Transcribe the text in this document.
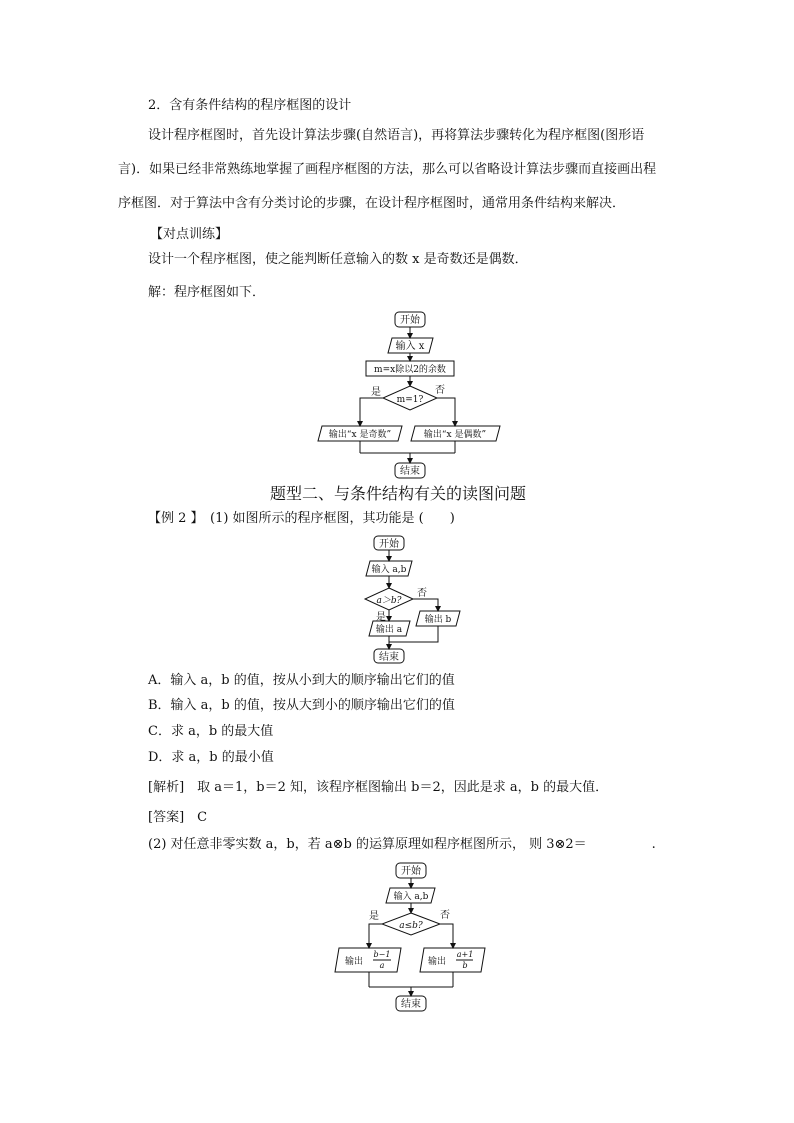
2．含有条件结构的程序框图的设计
设计程序框图时，首先设计算法步骤(自然语言)，再将算法步骤转化为程序框图(图形语
言)．如果已经非常熟练地掌握了画程序框图的方法，那么可以省略设计算法步骤而直接画出程
序框图．对于算法中含有分类讨论的步骤，在设计程序框图时，通常用条件结构来解决．
【对点训练】
设计一个程序框图，使之能判断任意输入的数 x 是奇数还是偶数．
解：程序框图如下．
开始
输入 x
m=x除以2的余数
m=1?
是	否
输出“x 是奇数”	输出“x 是偶数”
结束
题型二、与条件结构有关的读图问题
【例 2 】 (1) 如图所示的程序框图，其功能是 (　　)
开始
输入 a,b
a＞b?
是
否
输出 a
输出 b
结束
A．输入 a，b 的值，按从小到大的顺序输出它们的值
B．输入 a，b 的值，按从大到小的顺序输出它们的值
C．求 a，b 的最大值
D．求 a，b 的最小值
[解析]　取 a＝1，b＝2 知，该程序框图输出 b＝2，因此是求 a，b 的最大值．
[答案]　C
(2) 对任意非零实数 a，b，若 a⊗b 的运算原理如程序框图所示， 则 3⊗2＝　　　　　.
开始
输入 a,b
a≤b?
是	否
输出
b−1
a	输出
a+1
b
结束
